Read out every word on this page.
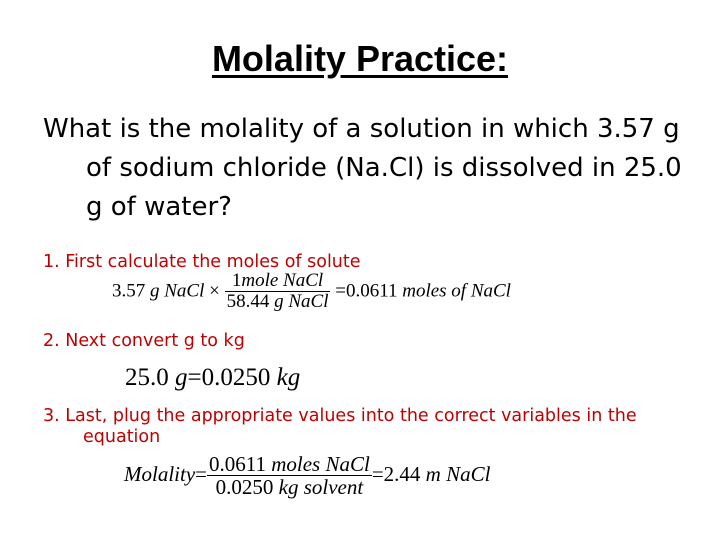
Molality Practice:
What is the molality of a solution in which 3.57 g of sodium chloride (Na.Cl) is dissolved in 25.0 g of water?
1. First calculate the moles of solute
3.57 g NaCl × $\frac{\text{1mole NaCl}}{\text{58.44 g NaCl}} =0.0611$ moles of NaCl
2. Next convert g to kg
25.0 g=0.0250 kg
3. Last, plug the appropriate values into the correct variables in the equation
Molality= $\frac{\text{0.0611 moles NaCl}}{\text{0.0250 kg solvent}} =2.44$ m NaCl
